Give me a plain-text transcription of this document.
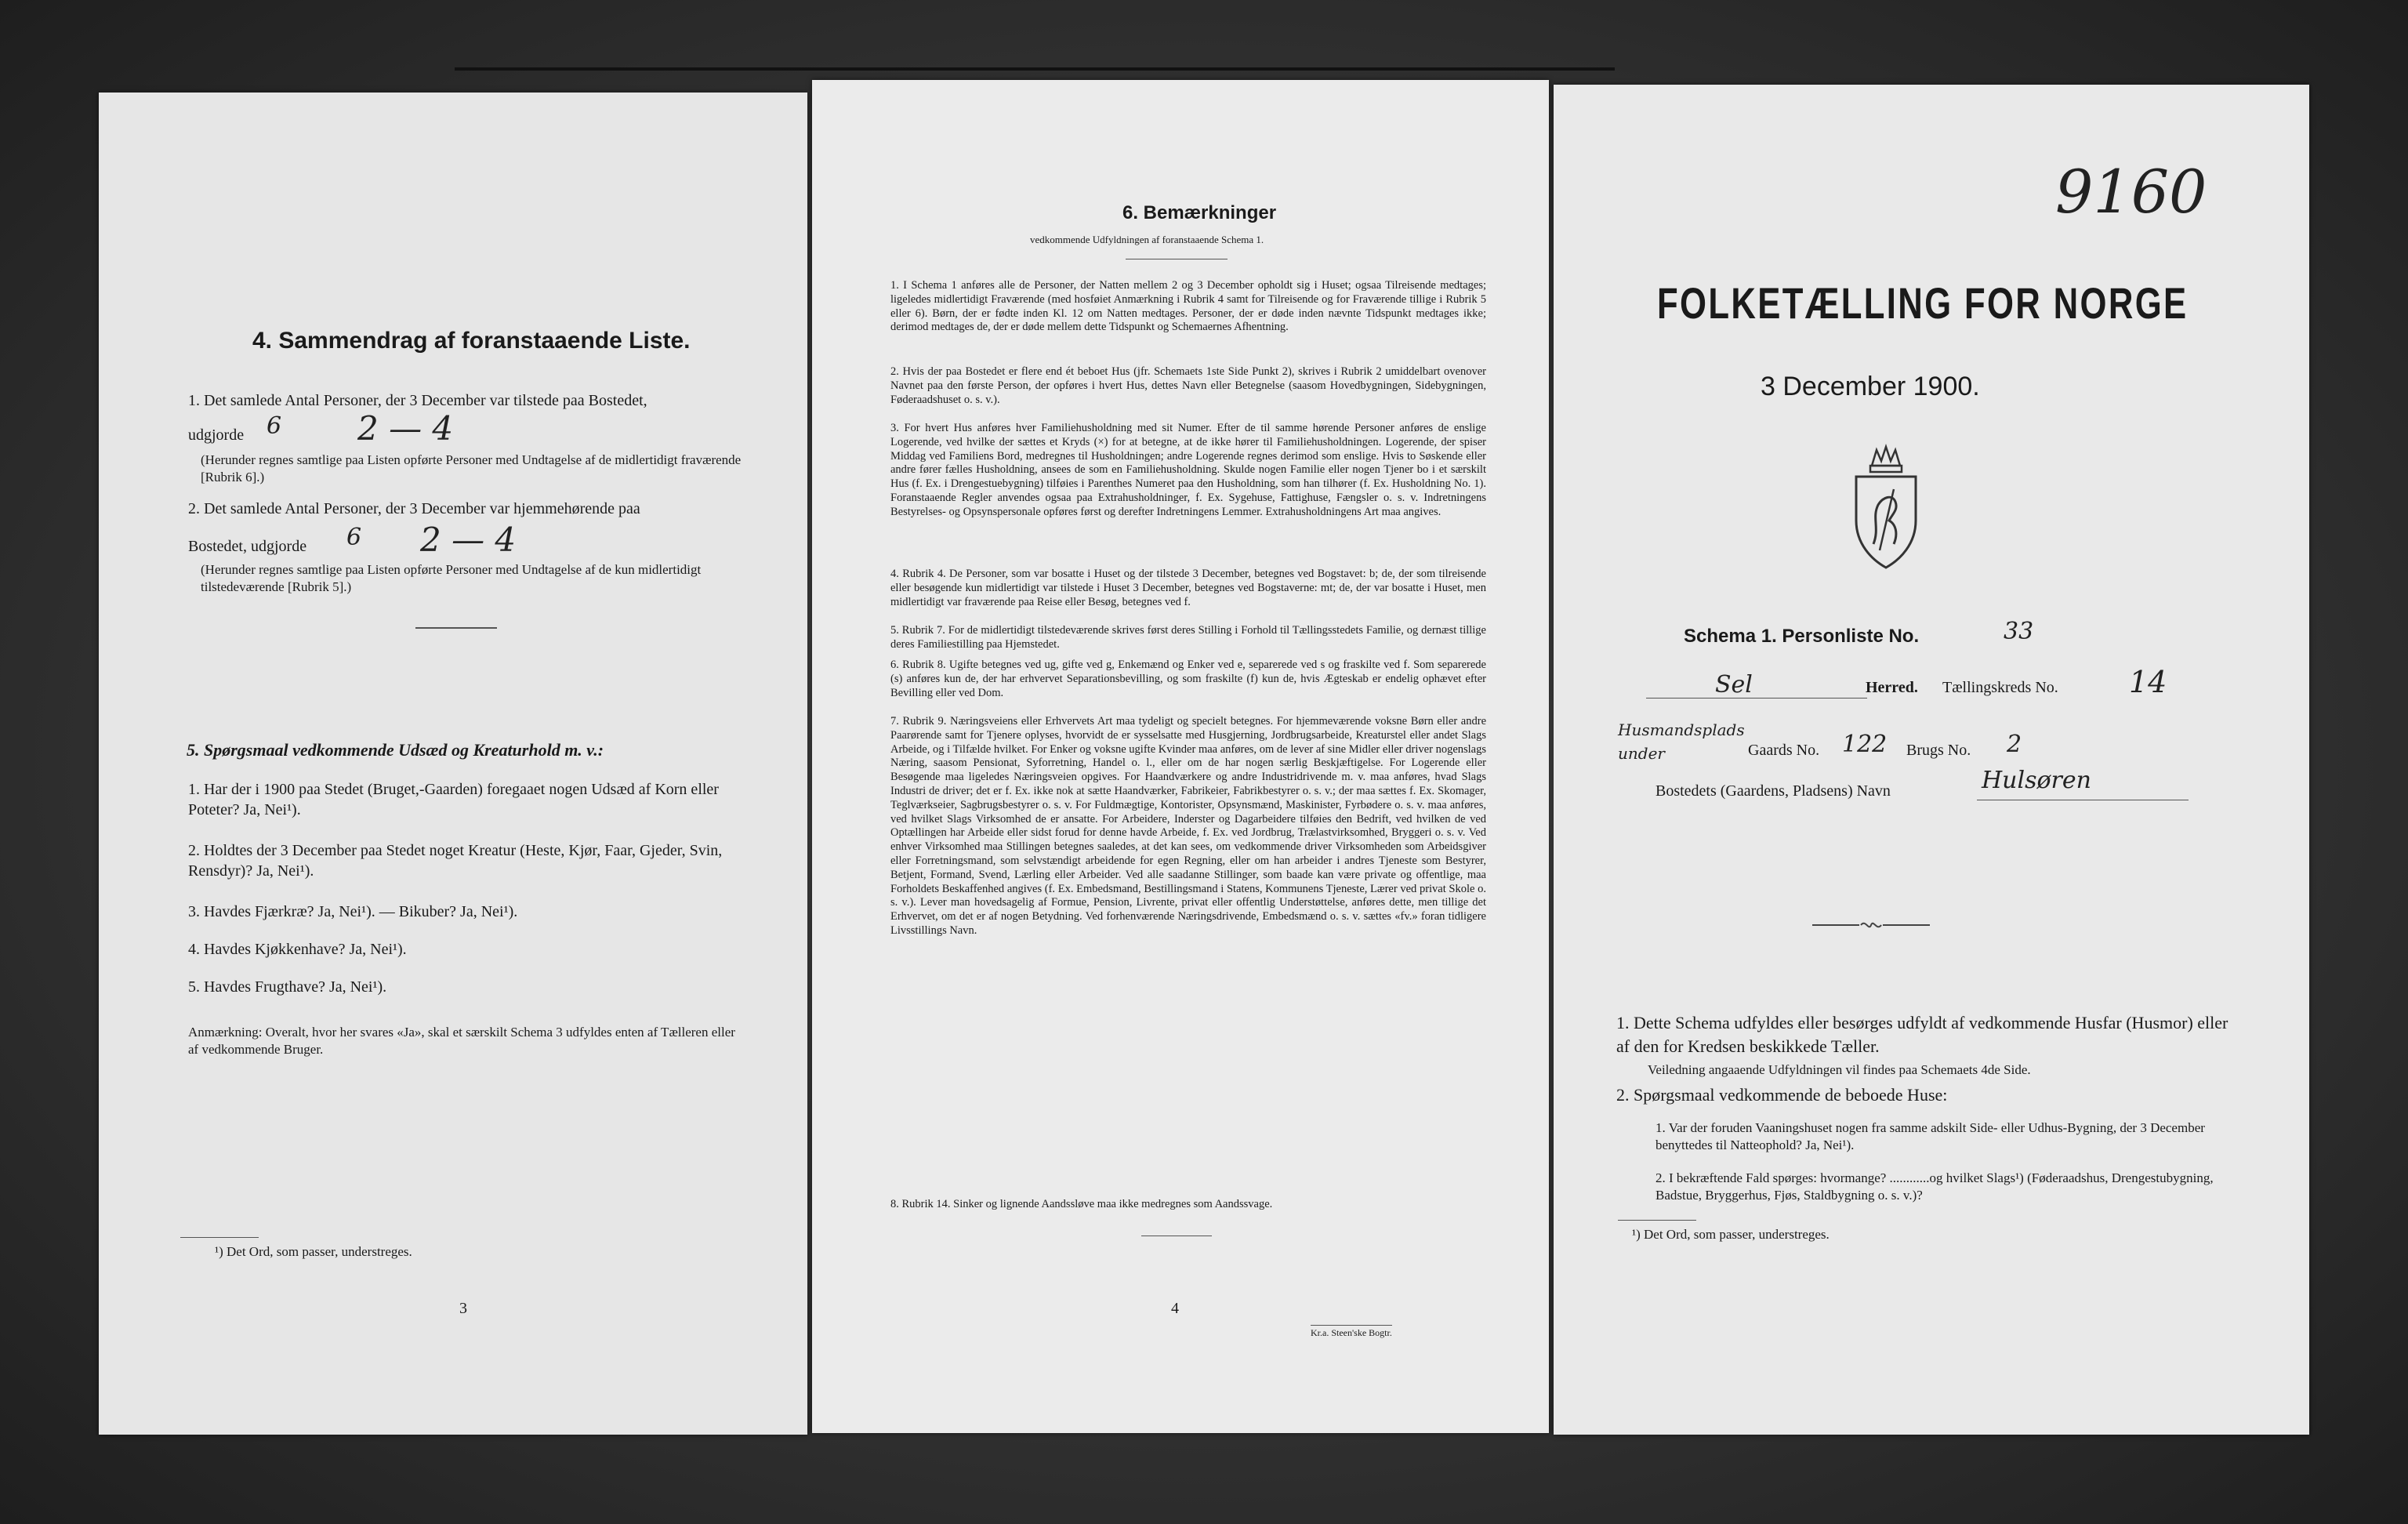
4. Sammendrag af foranstaaende Liste.
1. Det samlede Antal Personer, der 3 December var tilstede paa Bostedet,
udgjorde 6 2 — 4
(Herunder regnes samtlige paa Listen opførte Personer med Undtagelse af de midlertidigt fraværende [Rubrik 6].)
2. Det samlede Antal Personer, der 3 December var hjemmehørende paa
Bostedet, udgjorde 6 2 — 4
(Herunder regnes samtlige paa Listen opførte Personer med Undtagelse af de kun midlertidigt tilstedeværende [Rubrik 5].)
5. Spørgsmaal vedkommende Udsæd og Kreaturhold m. v.:
1. Har der i 1900 paa Stedet (Bruget,-Gaarden) foregaaet nogen Udsæd af Korn eller Poteter? Ja, Nei¹).
2. Holdtes der 3 December paa Stedet noget Kreatur (Heste, Kjør, Faar, Gjeder, Svin, Rensdyr)? Ja, Nei¹).
3. Havdes Fjærkræ? Ja, Nei¹). — Bikuber? Ja, Nei¹).
4. Havdes Kjøkkenhave? Ja, Nei¹).
5. Havdes Frugthave? Ja, Nei¹).
Anmærkning: Overalt, hvor her svares «Ja», skal et særskilt Schema 3 udfyldes enten af Tælleren eller af vedkommende Bruger.
¹) Det Ord, som passer, understreges.
3
6. Bemærkninger
vedkommende Udfyldningen af foranstaaende Schema 1.
1. I Schema 1 anføres alle de Personer, der Natten mellem 2 og 3 December opholdt sig i Huset; ogsaa Tilreisende medtages; ligeledes midlertidigt Fraværende (med hosføiet Anmærkning i Rubrik 4 samt for Tilreisende og for Fraværende tillige i Rubrik 5 eller 6). Børn, der er fødte inden Kl. 12 om Natten medtages. Personer, der er døde inden nævnte Tidspunkt medtages ikke; derimod medtages de, der er døde mellem dette Tidspunkt og Schemaernes Afhentning.
2. Hvis der paa Bostedet er flere end ét beboet Hus (jfr. Schemaets 1ste Side Punkt 2), skrives i Rubrik 2 umiddelbart ovenover Navnet paa den første Person, der opføres i hvert Hus, dettes Navn eller Betegnelse (saasom Hovedbygningen, Sidebygningen, Føderaadshuset o. s. v.).
3. For hvert Hus anføres hver Familiehusholdning med sit Numer. Efter de til samme hørende Personer anføres de enslige Logerende, ved hvilke der sættes et Kryds (×) for at betegne, at de ikke hører til Familiehusholdningen. Logerende, der spiser Middag ved Familiens Bord, medregnes til Husholdningen; andre Logerende regnes derimod som enslige. Hvis to Søskende eller andre fører fælles Husholdning, ansees de som en Familiehusholdning. Skulde nogen Familie eller nogen Tjener bo i et særskilt Hus (f. Ex. i Drengestuebygning) tilføies i Parenthes Numeret paa den Husholdning, som han tilhører (f. Ex. Husholdning No. 1). Foranstaaende Regler anvendes ogsaa paa Extrahusholdninger, f. Ex. Sygehuse, Fattighuse, Fængsler o. s. v. Indretningens Bestyrelses- og Opsynspersonale opføres først og derefter Indretningens Lemmer. Extrahusholdningens Art maa angives.
4. Rubrik 4. De Personer, som var bosatte i Huset og der tilstede 3 December, betegnes ved Bogstavet: b; de, der som tilreisende eller besøgende kun midlertidigt var tilstede i Huset 3 December, betegnes ved Bogstaverne: mt; de, der var bosatte i Huset, men midlertidigt var fraværende paa Reise eller Besøg, betegnes ved f.
5. Rubrik 7. For de midlertidigt tilstedeværende skrives først deres Stilling i Forhold til Tællingsstedets Familie, og dernæst tillige deres Familiestilling paa Hjemstedet.
6. Rubrik 8. Ugifte betegnes ved ug, gifte ved g, Enkemænd og Enker ved e, separerede ved s og fraskilte ved f. Som separerede (s) anføres kun de, der har erhvervet Separationsbevilling, og som fraskilte (f) kun de, hvis Ægteskab er endelig ophævet efter Bevilling eller ved Dom.
7. Rubrik 9. Næringsveiens eller Erhvervets Art maa tydeligt og specielt betegnes. For hjemmeværende voksne Børn eller andre Paarørende samt for Tjenere oplyses, hvorvidt de er sysselsatte med Husgjerning, Jordbrugsarbeide, Kreaturstel eller andet Slags Arbeide, og i Tilfælde hvilket. For Enker og voksne ugifte Kvinder maa anføres, om de lever af sine Midler eller driver nogenslags Næring, saasom Pensionat, Syforretning, Handel o. l., eller om de har nogen særlig Beskjæftigelse. For Logerende eller Besøgende maa ligeledes Næringsveien opgives. For Haandværkere og andre Industridrivende m. v. maa anføres, hvad Slags Industri de driver; det er f. Ex. ikke nok at sætte Haandværker, Fabrikeier, Fabrikbestyrer o. s. v.; der maa sættes f. Ex. Skomager, Teglværkseier, Sagbrugsbestyrer o. s. v. For Fuldmægtige, Kontorister, Opsynsmænd, Maskinister, Fyrbødere o. s. v. maa anføres, ved hvilket Slags Virksomhed de er ansatte. For Arbeidere, Inderster og Dagarbeidere tilføies den Bedrift, ved hvilken de ved Optællingen har Arbeide eller sidst forud for denne havde Arbeide, f. Ex. ved Jordbrug, Trælastvirksomhed, Bryggeri o. s. v. Ved enhver Virksomhed maa Stillingen betegnes saaledes, at det kan sees, om vedkommende driver Virksomheden som Arbeidsgiver eller Forretningsmand, som selvstændigt arbeidende for egen Regning, eller om han arbeider i andres Tjeneste som Bestyrer, Betjent, Formand, Svend, Lærling eller Arbeider. Ved alle saadanne Stillinger, som baade kan være private og offentlige, maa Forholdets Beskaffenhed angives (f. Ex. Embedsmand, Bestillingsmand i Statens, Kommunens Tjeneste, Lærer ved privat Skole o. s. v.). Lever man hovedsagelig af Formue, Pension, Livrente, privat eller offentlig Understøttelse, anføres dette, men tillige det Erhvervet, om det er af nogen Betydning. Ved forhenværende Næringsdrivende, Embedsmænd o. s. v. sættes «fv.» foran tidligere Livsstillings Navn.
8. Rubrik 14. Sinker og lignende Aandssløve maa ikke medregnes som Aandssvage.
4
Kr.a. Steen'ske Bogtr.
9160
FOLKETÆLLING FOR NORGE
3 December 1900.
Schema 1. Personliste No.	33
Sel	Herred. Tællingskreds No. 14
Husmandsplads under	Gaards No. 122 Brugs No. 2
Bostedets (Gaardens, Pladsens) Navn	Hulsøren
1. Dette Schema udfyldes eller besørges udfyldt af vedkommende Husfar (Husmor) eller af den for Kredsen beskikkede Tæller.
Veiledning angaaende Udfyldningen vil findes paa Schemaets 4de Side.
2. Spørgsmaal vedkommende de beboede Huse:
1. Var der foruden Vaaningshuset nogen fra samme adskilt Side- eller Udhus-Bygning, der 3 December benyttedes til Natteophold? Ja, Nei¹).
2. I bekræftende Fald spørges: hvormange? ............og hvilket Slags¹) (Føderaadshus, Drengestubygning, Badstue, Bryggerhus, Fjøs, Staldbygning o. s. v.)?
¹) Det Ord, som passer, understreges.
